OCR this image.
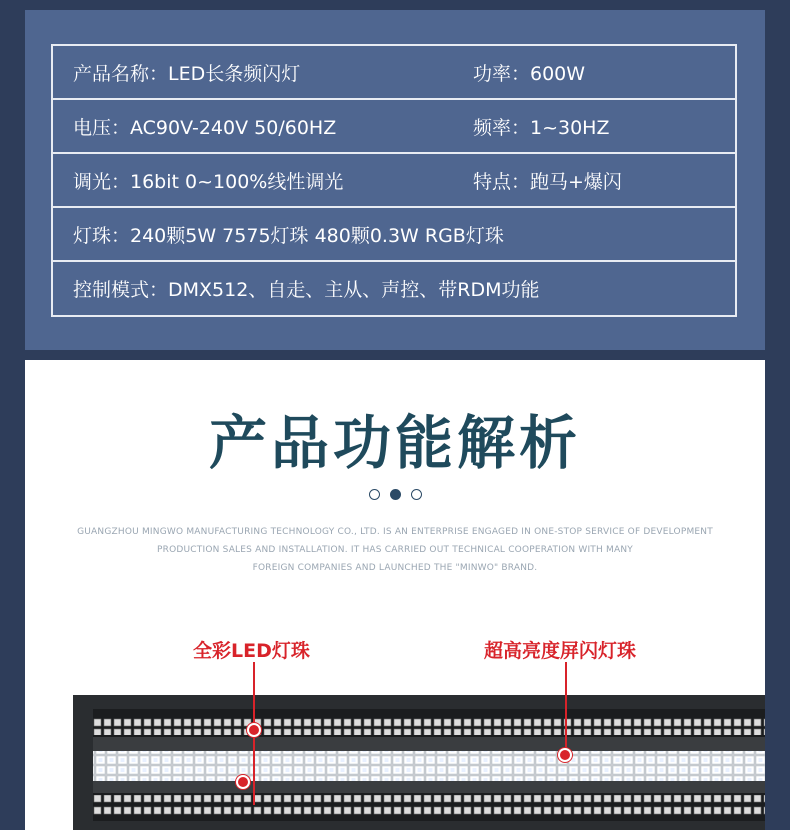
产品名称：LED长条频闪灯	功率：600W
电压：AC90V-240V 50/60HZ	频率：1~30HZ
调光：16bit 0~100%线性调光	特点：跑马+爆闪
灯珠：240颗5W 7575灯珠 480颗0.3W RGB灯珠
控制模式：DMX512、自走、主从、声控、带RDM功能
产品功能解析
GUANGZHOU MINGWO MANUFACTURING TECHNOLOGY CO., LTD. IS AN ENTERPRISE ENGAGED IN ONE-STOP SERVICE OF DEVELOPMENT
PRODUCTION SALES AND INSTALLATION. IT HAS CARRIED OUT TECHNICAL COOPERATION WITH MANY
FOREIGN COMPANIES AND LAUNCHED THE "MINWO" BRAND.
全彩LED灯珠	超高亮度屏闪灯珠
